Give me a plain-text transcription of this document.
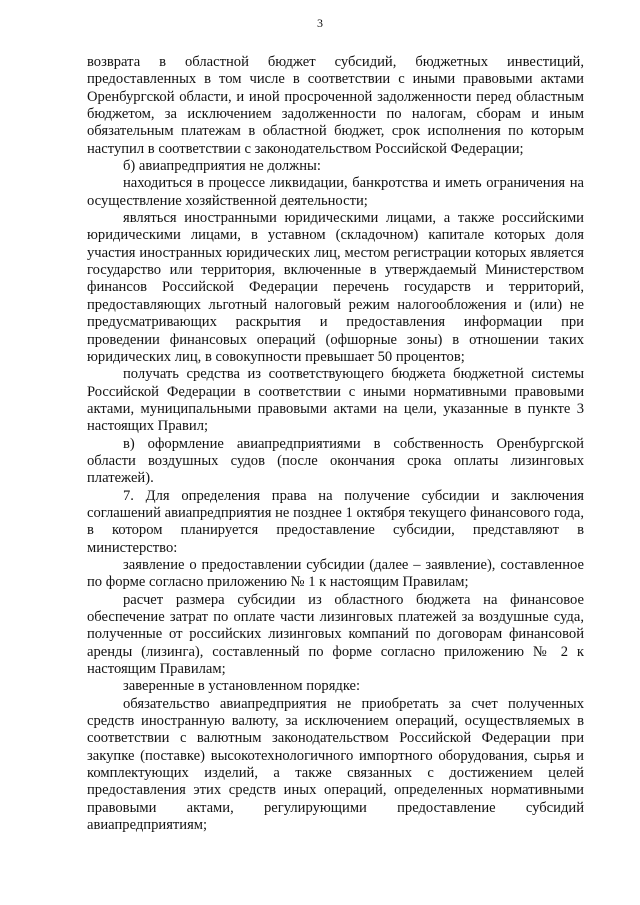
3

возврата в областной бюджет субсидий, бюджетных инвестиций, предоставленных в том числе в соответствии с иными правовыми актами Оренбургской области, и иной просроченной задолженности перед областным бюджетом, за исключением задолженности по налогам, сборам и иным обязательным платежам в областной бюджет, срок исполнения по которым наступил в соответствии с законодательством Российской Федерации;

б) авиапредприятия не должны:

находиться в процессе ликвидации, банкротства и иметь ограничения на осуществление хозяйственной деятельности;

являться иностранными юридическими лицами, а также российскими юридическими лицами, в уставном (складочном) капитале которых доля участия иностранных юридических лиц, местом регистрации которых является государство или территория, включенные в утверждаемый Министерством финансов Российской Федерации перечень государств и территорий, предоставляющих льготный налоговый режим налогообложения и (или) не предусматривающих раскрытия и предоставления информации при проведении финансовых операций (офшорные зоны) в отношении таких юридических лиц, в совокупности превышает 50 процентов;

получать средства из соответствующего бюджета бюджетной системы Российской Федерации в соответствии с иными нормативными правовыми актами, муниципальными правовыми актами на цели, указанные в пункте 3 настоящих Правил;

в) оформление авиапредприятиями в собственность Оренбургской области воздушных судов (после окончания срока оплаты лизинговых платежей).

7. Для определения права на получение субсидии и заключения соглашений авиапредприятия не позднее 1 октября текущего финансового года, в котором планируется предоставление субсидии, представляют в министерство:

заявление о предоставлении субсидии (далее – заявление), составленное по форме согласно приложению № 1 к настоящим Правилам;

расчет размера субсидии из областного бюджета на финансовое обеспечение затрат по оплате части лизинговых платежей за воздушные суда, полученные от российских лизинговых компаний по договорам финансовой аренды (лизинга), составленный по форме согласно приложению № 2 к настоящим Правилам;

заверенные в установленном порядке:

обязательство авиапредприятия не приобретать за счет полученных средств иностранную валюту, за исключением операций, осуществляемых в соответствии с валютным законодательством Российской Федерации при закупке (поставке) высокотехнологичного импортного оборудования, сырья и комплектующих изделий, а также связанных с достижением целей предоставления этих средств иных операций, определенных нормативными правовыми актами, регулирующими предоставление субсидий авиапредприятиям;
